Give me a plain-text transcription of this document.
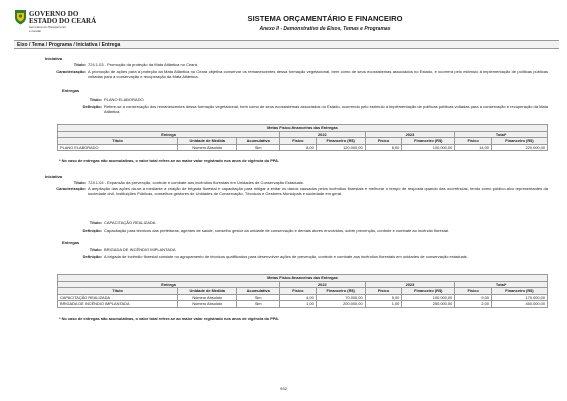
GOVERNO DO
ESTADO DO CEARÁ
Secretaria do Planejamento
e Gestão
SISTEMA ORÇAMENTÁRIO E FINANCEIRO
Anexo II - Demonstrativo de Eixos, Temas e Programas
Eixo / Tema / Programa / Iniciativa / Entrega
Iniciativa
Título: 724.1.03 - Promoção da proteção da Mata Atlântica no Ceará.
Caracterização: A promoção de ações para a proteção da Mata Atlântica no Ceará objetiva conservar os remanescentes dessa formação vegetacional, bem como de seus ecossistemas associados no Estado, e ocorrerá pelo estímulo à implementação de políticas públicas voltadas para a conservação e recuperação da Mata Atlântica.
Entregas
Título: PLANO ELABORADO
Definição: Refere-se a conservação dos remanescentes dessa formação vegetacional, bem como de seus ecossistemas associados no Estado, ocorrendo pelo estímulo à implementação de políticas públicas voltadas para a conservação e recuperação da Mata Atlântica.
Metas Físico-financeiras das Entregas								
Entrega			2022		2023		Total*	
Título	Unidade de Medida	Acumulativa	Físico	Financeiro (R$)	Físico	Financeiro (R$)	Físico	Financeiro (R$)
PLANO ELABORADO	Número Absoluto	Sim	8,00	120.000,00	6,00	100.000,00	14,00	220.000,00
* No caso de entregas não acumulativas, o valor total refere-se ao maior valor registrado nos anos de vigência do PPA.
Iniciativa
Título: 724.1.04 - Expansão da prevenção, controle e combate aos incêndios florestais em Unidades de Conservação Estaduais.
Caracterização: A ampliação das ações da-se-á mediante a criação de brigada florestal e capacitação para mitigar a evitar os danos causados pelos incêndios florestais e melhorar o tempo de resposta quando das ocorrências, tendo como público-alvo representantes da sociedade civil, instituições Públicas, conselhos gestores de Unidades de Conservação, Técnicos e Gestores Municipais e sociedade em geral.
Entregas
Título: CAPACITAÇÃO REALIZADA
Definição: Capacitação para técnicos das prefeituras, agentes de saúde, conselho gestor da unidade de conservação e demais atores envolvidos, sobre prevenção, controle e combate ao incêndio florestal.
Título: BRIGADA DE INCÊNDIO IMPLANTADA
Definição: A brigada de incêndio florestal consiste no agrupamento de técnicos qualificados para desenvolver ações de prevenção, controle e combate aos incêndios florestais em unidades de conservação estaduais.
Metas Físico-financeiras das Entregas								
Entrega			2022		2023		Total*	
Título	Unidade de Medida	Acumulativa	Físico	Financeiro (R$)	Físico	Financeiro (R$)	Físico	Financeiro (R$)
CAPACITAÇÃO REALIZADA	Número Absoluto	Sim	4,00	70.000,00	5,00	100.000,00	9,00	170.000,00
BRIGADA DE INCÊNDIO IMPLANTADA	Número Absoluto	Sim	1,00	200.000,00	1,00	250.000,00	2,00	450.000,00
* No caso de entregas não acumulativas, o valor total refere-se ao maior valor registrado nos anos de vigência do PPA.
932
